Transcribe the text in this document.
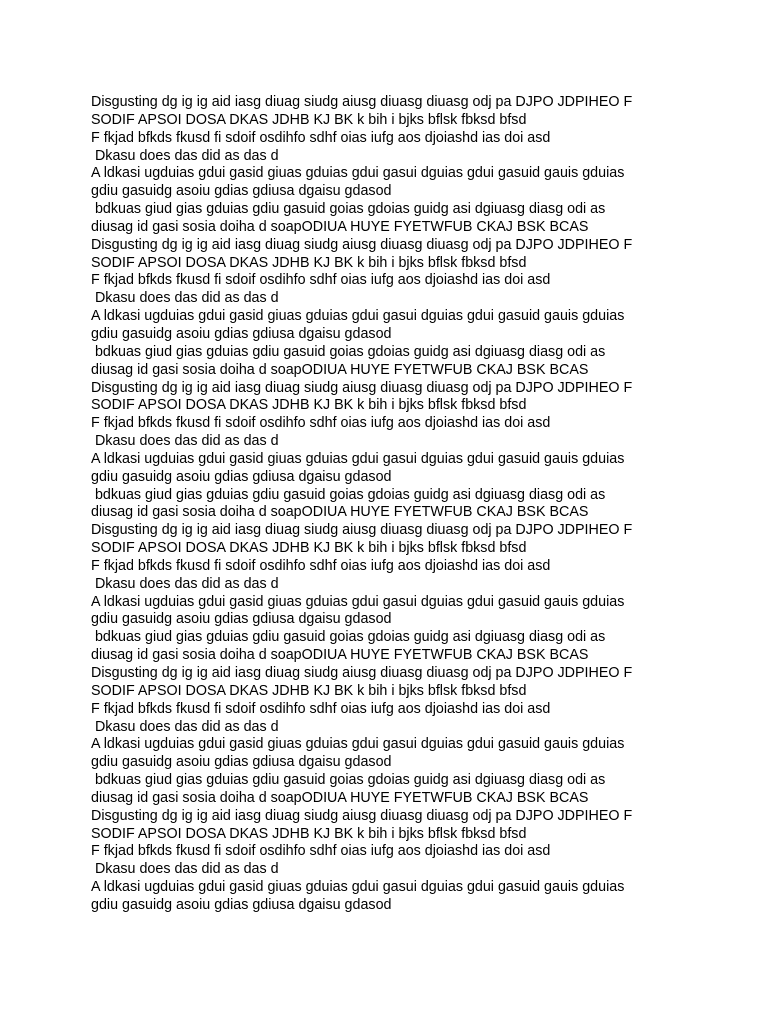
Disgusting dg ig ig aid iasg diuag siudg aiusg diuasg diuasg odj pa DJPO JDPIHEO F
SODIF APSOI DOSA DKAS JDHB KJ BK k bih i bjks bflsk fbksd bfsd
F fkjad bfkds fkusd fi sdoif osdihfo sdhf oias iufg aos djoiashd ias doi asd
Dkasu does das did as das d
A ldkasi ugduias gdui gasid giuas gduias gdui gasui dguias gdui gasuid gauis gduias
gdiu gasuidg asoiu gdias gdiusa dgaisu gdasod
bdkuas giud gias gduias gdiu gasuid goias gdoias guidg asi dgiuasg diasg odi as
diusag id gasi sosia doiha d soapODIUA HUYE FYETWFUB CKAJ BSK BCAS
Disgusting dg ig ig aid iasg diuag siudg aiusg diuasg diuasg odj pa DJPO JDPIHEO F
SODIF APSOI DOSA DKAS JDHB KJ BK k bih i bjks bflsk fbksd bfsd
F fkjad bfkds fkusd fi sdoif osdihfo sdhf oias iufg aos djoiashd ias doi asd
Dkasu does das did as das d
A ldkasi ugduias gdui gasid giuas gduias gdui gasui dguias gdui gasuid gauis gduias
gdiu gasuidg asoiu gdias gdiusa dgaisu gdasod
bdkuas giud gias gduias gdiu gasuid goias gdoias guidg asi dgiuasg diasg odi as
diusag id gasi sosia doiha d soapODIUA HUYE FYETWFUB CKAJ BSK BCAS
Disgusting dg ig ig aid iasg diuag siudg aiusg diuasg diuasg odj pa DJPO JDPIHEO F
SODIF APSOI DOSA DKAS JDHB KJ BK k bih i bjks bflsk fbksd bfsd
F fkjad bfkds fkusd fi sdoif osdihfo sdhf oias iufg aos djoiashd ias doi asd
Dkasu does das did as das d
A ldkasi ugduias gdui gasid giuas gduias gdui gasui dguias gdui gasuid gauis gduias
gdiu gasuidg asoiu gdias gdiusa dgaisu gdasod
bdkuas giud gias gduias gdiu gasuid goias gdoias guidg asi dgiuasg diasg odi as
diusag id gasi sosia doiha d soapODIUA HUYE FYETWFUB CKAJ BSK BCAS
Disgusting dg ig ig aid iasg diuag siudg aiusg diuasg diuasg odj pa DJPO JDPIHEO F
SODIF APSOI DOSA DKAS JDHB KJ BK k bih i bjks bflsk fbksd bfsd
F fkjad bfkds fkusd fi sdoif osdihfo sdhf oias iufg aos djoiashd ias doi asd
Dkasu does das did as das d
A ldkasi ugduias gdui gasid giuas gduias gdui gasui dguias gdui gasuid gauis gduias
gdiu gasuidg asoiu gdias gdiusa dgaisu gdasod
bdkuas giud gias gduias gdiu gasuid goias gdoias guidg asi dgiuasg diasg odi as
diusag id gasi sosia doiha d soapODIUA HUYE FYETWFUB CKAJ BSK BCAS
Disgusting dg ig ig aid iasg diuag siudg aiusg diuasg diuasg odj pa DJPO JDPIHEO F
SODIF APSOI DOSA DKAS JDHB KJ BK k bih i bjks bflsk fbksd bfsd
F fkjad bfkds fkusd fi sdoif osdihfo sdhf oias iufg aos djoiashd ias doi asd
Dkasu does das did as das d
A ldkasi ugduias gdui gasid giuas gduias gdui gasui dguias gdui gasuid gauis gduias
gdiu gasuidg asoiu gdias gdiusa dgaisu gdasod
bdkuas giud gias gduias gdiu gasuid goias gdoias guidg asi dgiuasg diasg odi as
diusag id gasi sosia doiha d soapODIUA HUYE FYETWFUB CKAJ BSK BCAS
Disgusting dg ig ig aid iasg diuag siudg aiusg diuasg diuasg odj pa DJPO JDPIHEO F
SODIF APSOI DOSA DKAS JDHB KJ BK k bih i bjks bflsk fbksd bfsd
F fkjad bfkds fkusd fi sdoif osdihfo sdhf oias iufg aos djoiashd ias doi asd
Dkasu does das did as das d
A ldkasi ugduias gdui gasid giuas gduias gdui gasui dguias gdui gasuid gauis gduias
gdiu gasuidg asoiu gdias gdiusa dgaisu gdasod
